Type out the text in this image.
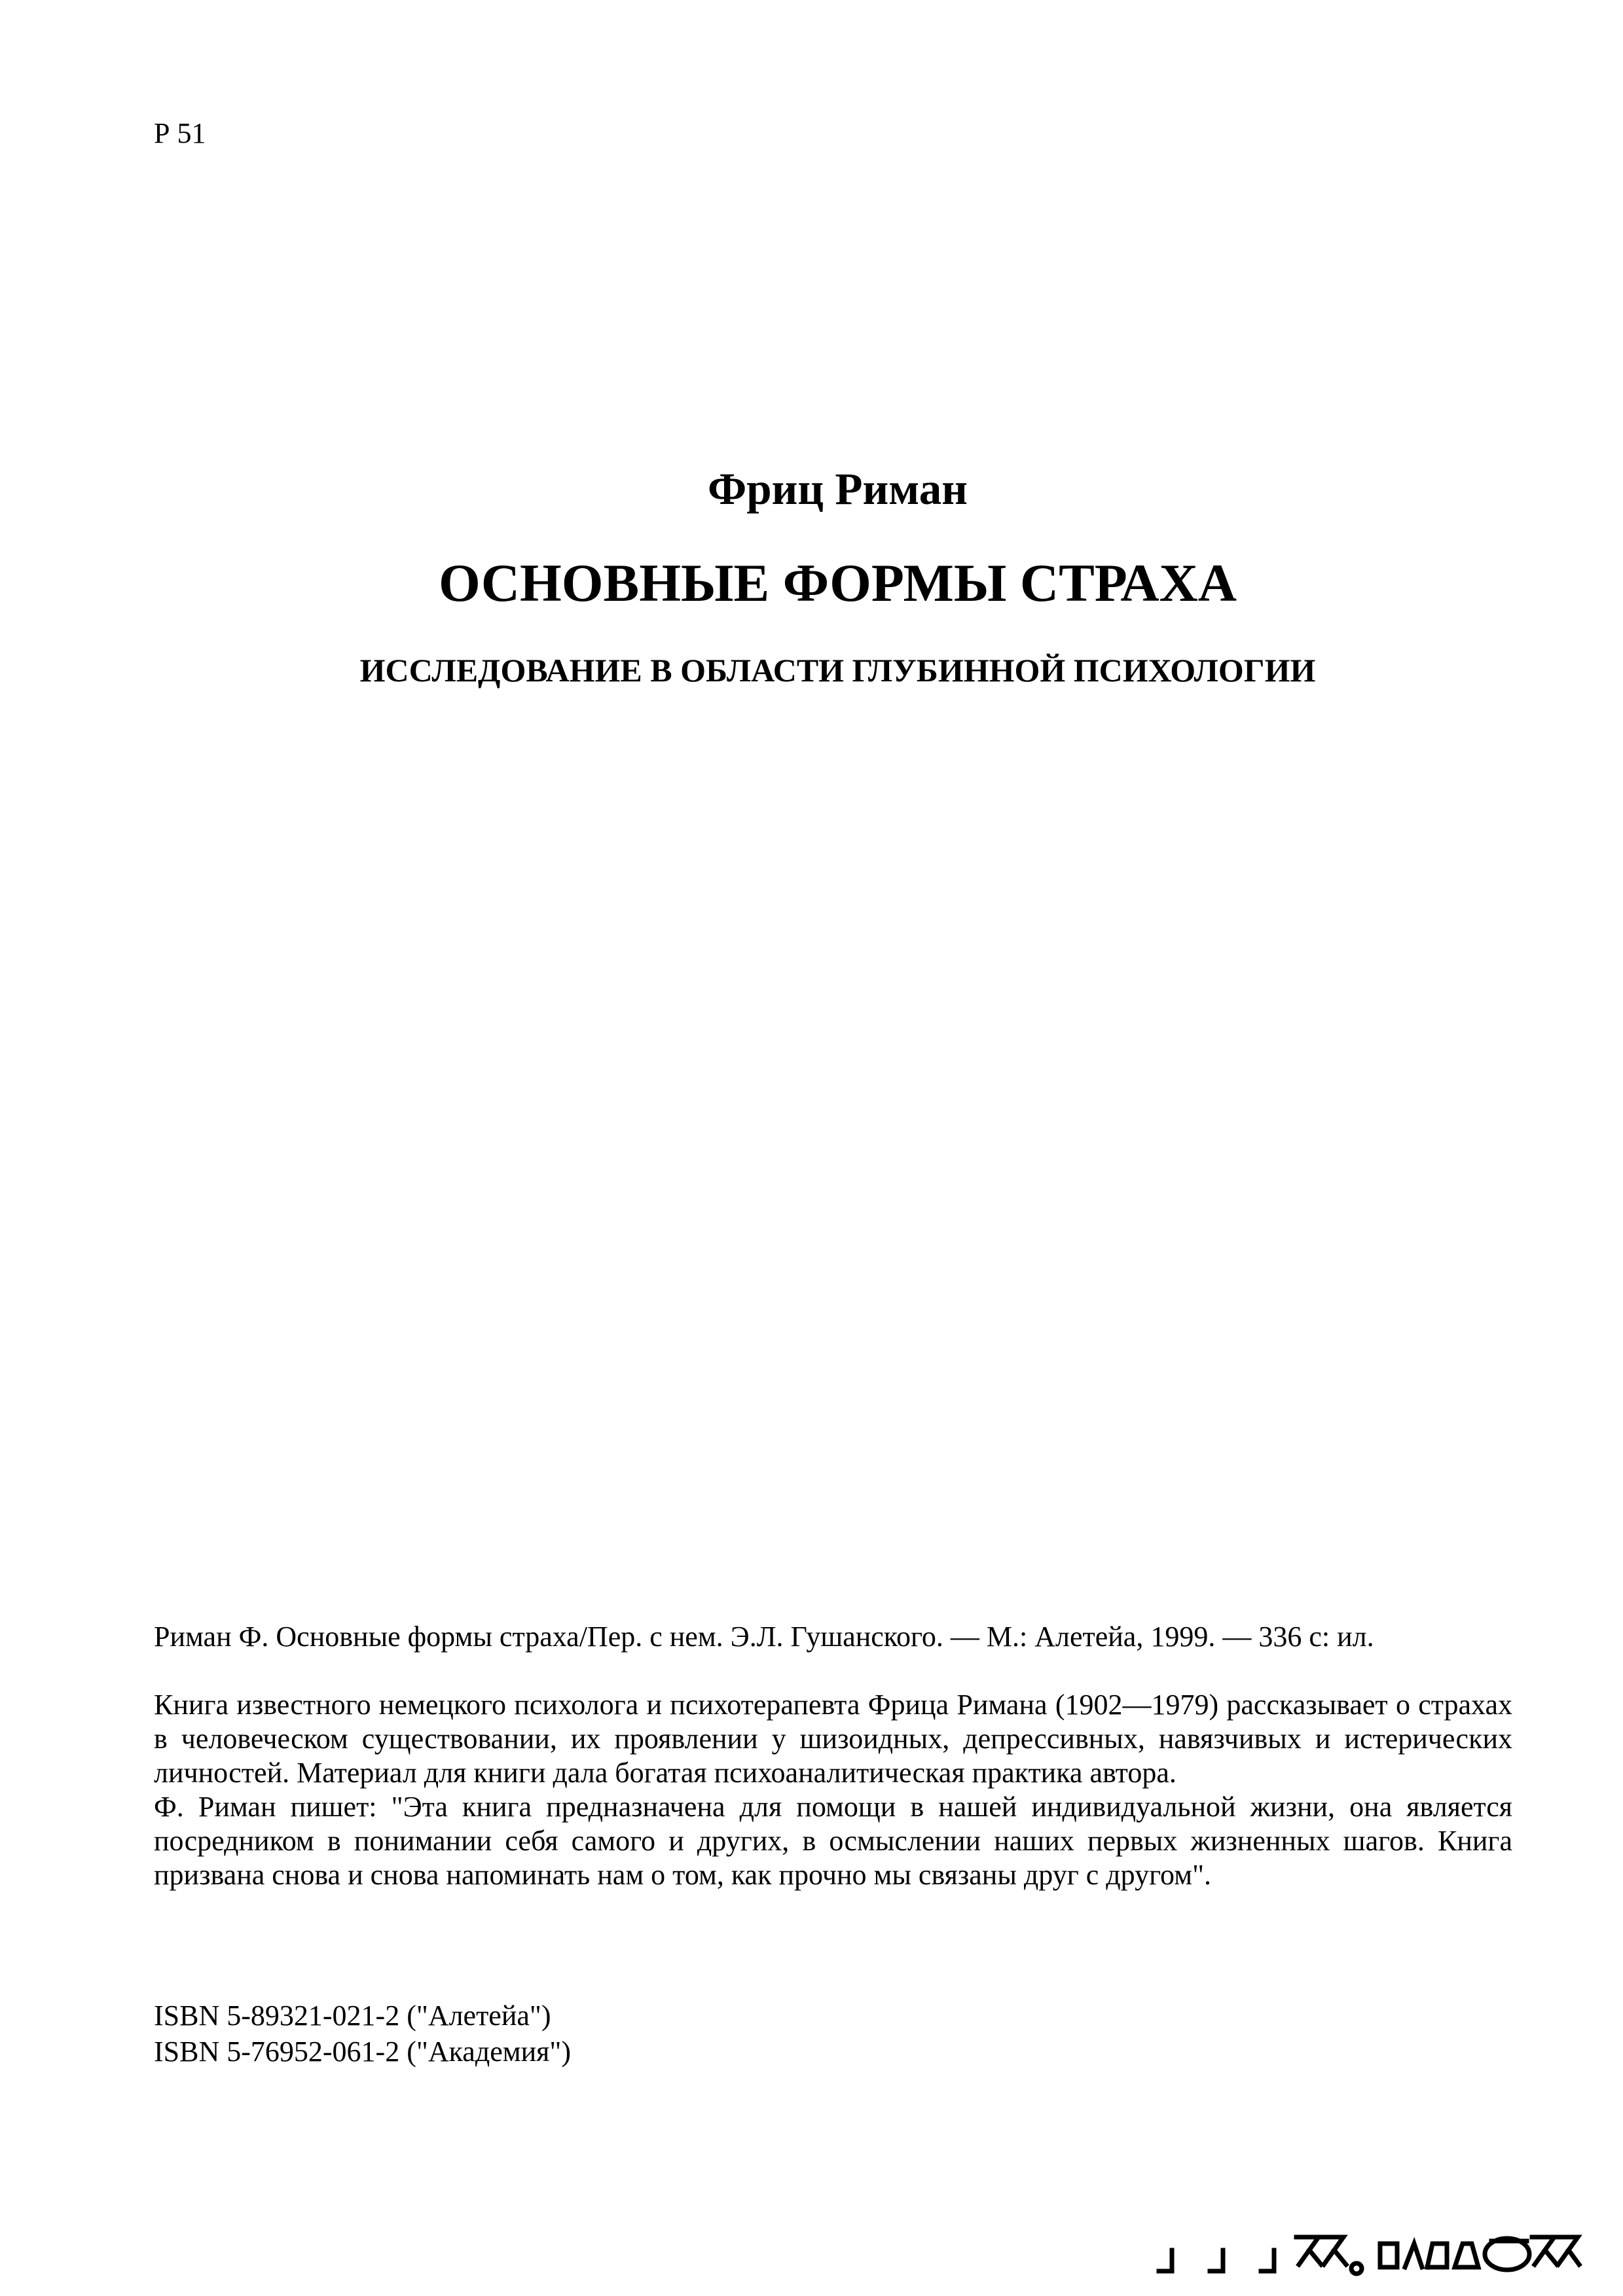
Р 51

Фриц Риман

ОСНОВНЫЕ ФОРМЫ СТРАХА

ИССЛЕДОВАНИЕ В ОБЛАСТИ ГЛУБИННОЙ ПСИХОЛОГИИ

Риман Ф. Основные формы страха/Пер. с нем. Э.Л. Гушанского. — М.: Алетейа, 1999. — 336 с: ил.

Книга известного немецкого психолога и психотерапевта Фрица Римана (1902—1979) рассказывает о страхах в человеческом существовании, их проявлении у шизоидных, депрессивных, навязчивых и истерических личностей. Материал для книги дала богатая психоаналитическая практика автора.

Ф. Риман пишет: "Эта книга предназначена для помощи в нашей индивидуальной жизни, она является посредником в понимании себя самого и других, в осмыслении наших первых жизненных шагов. Книга призвана снова и снова напоминать нам о том, как прочно мы связаны друг с другом".

ISBN 5-89321-021-2 ("Алетейа")

ISBN 5-76952-061-2 ("Академия")
